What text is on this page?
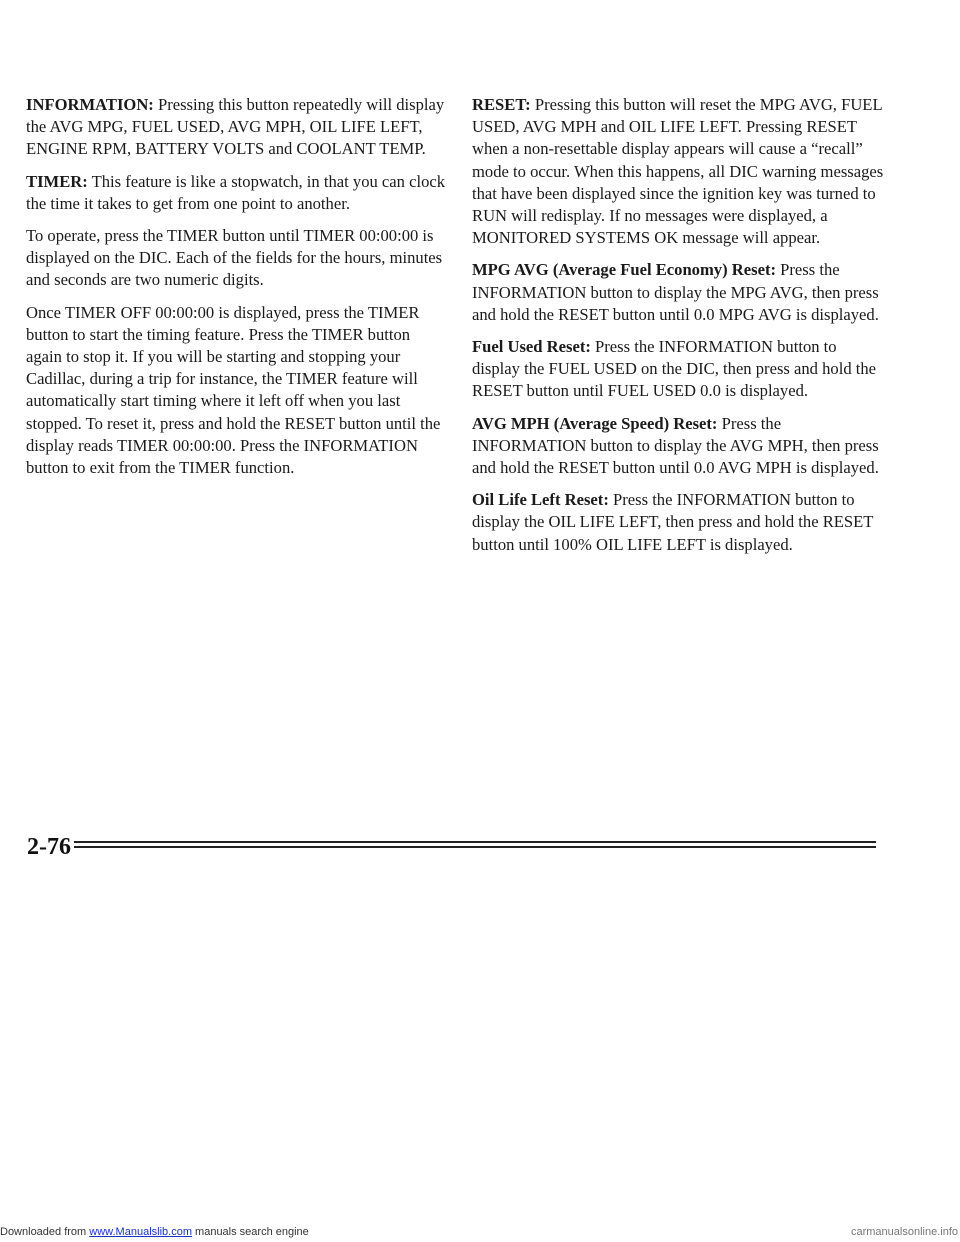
INFORMATION: Pressing this button repeatedly will display the AVG MPG, FUEL USED, AVG MPH, OIL LIFE LEFT, ENGINE RPM, BATTERY VOLTS and COOLANT TEMP.

TIMER: This feature is like a stopwatch, in that you can clock the time it takes to get from one point to another.

To operate, press the TIMER button until TIMER 00:00:00 is displayed on the DIC. Each of the fields for the hours, minutes and seconds are two numeric digits.

Once TIMER OFF 00:00:00 is displayed, press the TIMER button to start the timing feature. Press the TIMER button again to stop it. If you will be starting and stopping your Cadillac, during a trip for instance, the TIMER feature will automatically start timing where it left off when you last stopped. To reset it, press and hold the RESET button until the display reads TIMER 00:00:00. Press the INFORMATION button to exit from the TIMER function.

RESET: Pressing this button will reset the MPG AVG, FUEL USED, AVG MPH and OIL LIFE LEFT. Pressing RESET when a non-resettable display appears will cause a “recall” mode to occur. When this happens, all DIC warning messages that have been displayed since the ignition key was turned to RUN will redisplay. If no messages were displayed, a MONITORED SYSTEMS OK message will appear.

MPG AVG (Average Fuel Economy) Reset: Press the INFORMATION button to display the MPG AVG, then press and hold the RESET button until 0.0 MPG AVG is displayed.

Fuel Used Reset: Press the INFORMATION button to display the FUEL USED on the DIC, then press and hold the RESET button until FUEL USED 0.0 is displayed.

AVG MPH (Average Speed) Reset: Press the INFORMATION button to display the AVG MPH, then press and hold the RESET button until 0.0 AVG MPH is displayed.

Oil Life Left Reset: Press the INFORMATION button to display the OIL LIFE LEFT, then press and hold the RESET button until 100% OIL LIFE LEFT is displayed.

2-76
Downloaded from www.Manualslib.com manuals search engine	carmanualsonline.info
